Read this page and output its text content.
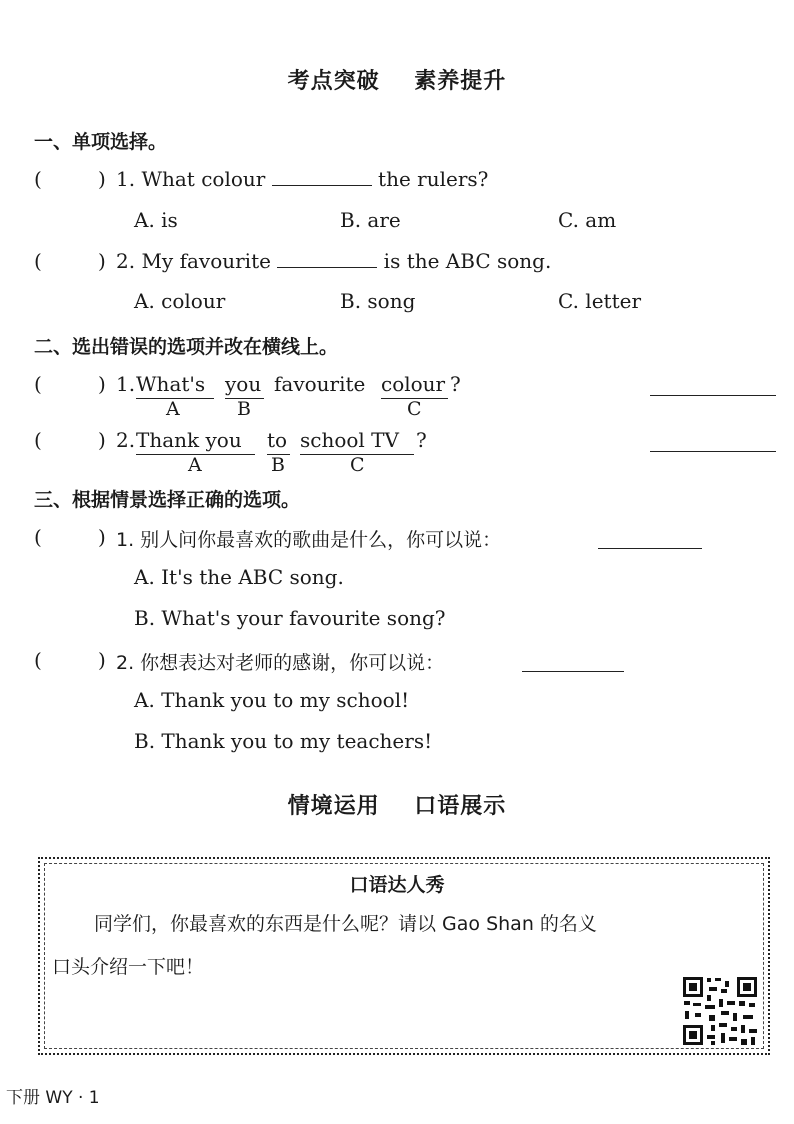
考点突破    素养提升
一、单项选择。
(	) 1. What colour	the rulers?
A. is	B. are	C. am
(	) 2. My favourite	is the ABC song.
A. colour	B. song	C. letter
二、选出错误的选项并改在横线上。
(	) 1. What's you favourite colour ?
A	B	C
(	) 2. Thank you to school TV ?
A	B	C
三、根据情景选择正确的选项。
(	) 1. 别人问你最喜欢的歌曲是什么，你可以说：
A. It's the ABC song.
B. What's your favourite song?
(	) 2. 你想表达对老师的感谢，你可以说：
A. Thank you to my school!
B. Thank you to my teachers!
情境运用    口语展示
口语达人秀
同学们，你最喜欢的东西是什么呢？请以 Gao Shan 的名义
口头介绍一下吧！
下册 WY · 1
